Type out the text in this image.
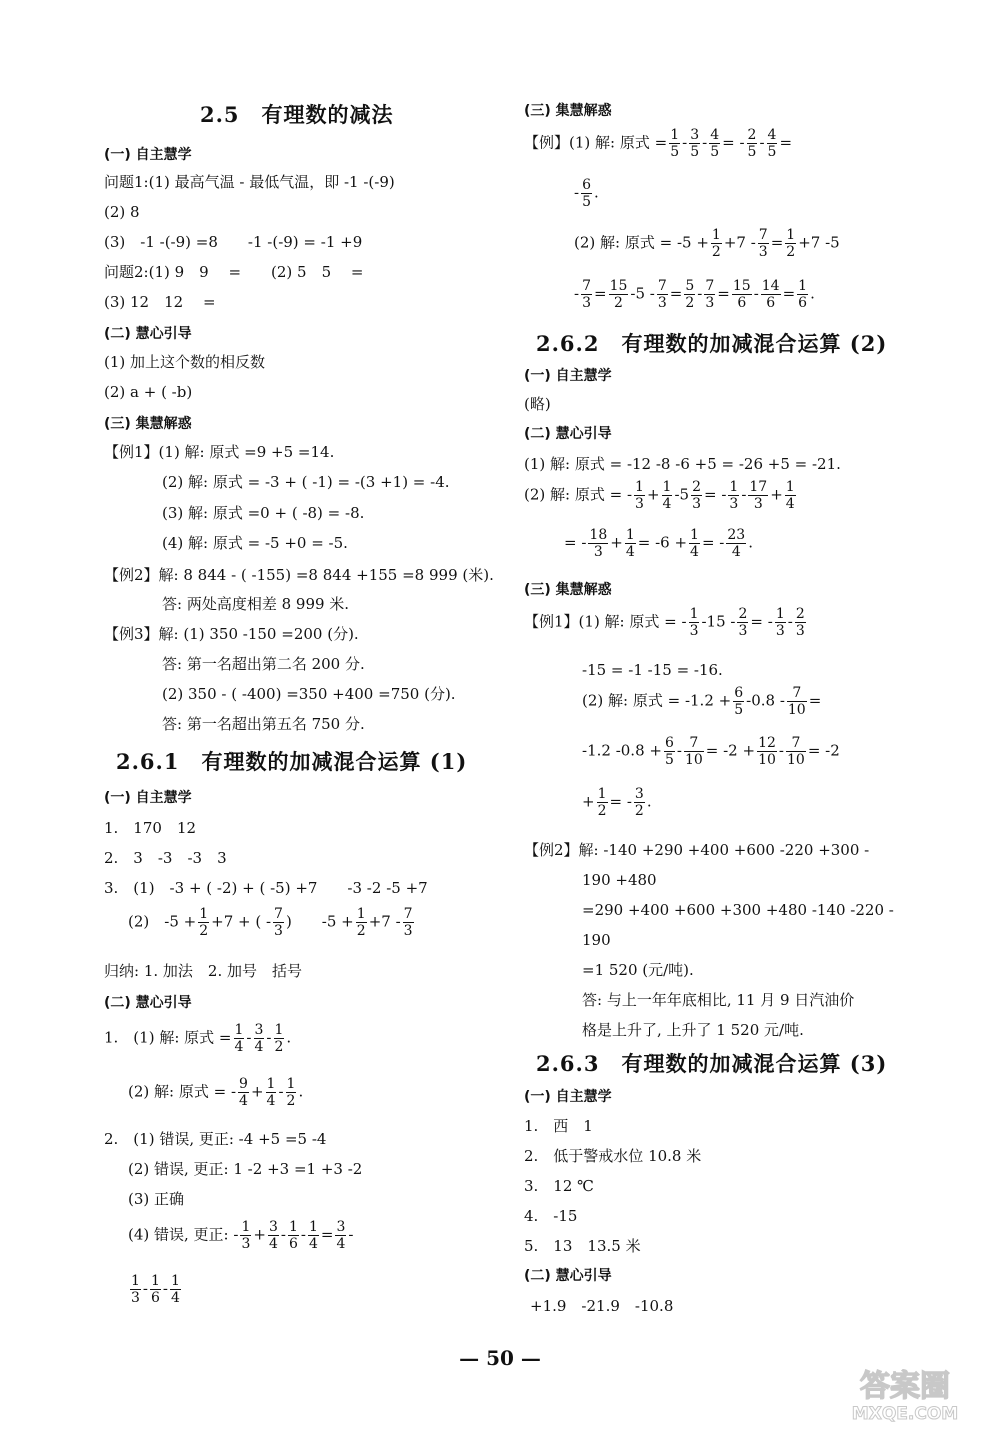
2.5　有理数的减法
(一) 自主慧学
问题1:(1) 最高气温 - 最低气温，即 -1 -(-9)
(2) 8
(3)　-1 -(-9) =8　　-1 -(-9) = -1 +9
问题2:(1) 9　9　 =　　(2) 5　5　 =
(3) 12　12　 =
(二) 慧心引导
(1) 加上这个数的相反数
(2) a + ( -b)
(三) 集慧解惑
【例1】(1) 解: 原式 =9 +5 =14.
(2) 解: 原式 = -3 + ( -1) = -(3 +1) = -4.
(3) 解: 原式 =0 + ( -8) = -8.
(4) 解: 原式 = -5 +0 = -5.
【例2】解: 8 844 - ( -155) =8 844 +155 =8 999 (米).
答: 两处高度相差 8 999 米.
【例3】解: (1) 350 -150 =200 (分).
答: 第一名超出第二名 200 分.
(2) 350 - ( -400) =350 +400 =750 (分).
答: 第一名超出第五名 750 分.
2.6.1　有理数的加减混合运算 (1)
(一) 自主慧学
1.　170　12
2.　3　-3　-3　3
3.　(1)　-3 + ( -2) + ( -5) +7　　-3 -2 -5 +7
(2)　$-5 + \frac{1}{2} +7$ + ( - $\frac{7}{3}$ )　　$-5 + \frac{1}{2} +7 - \frac{7}{3}$
归纳: 1. 加法　2. 加号　括号
(二) 慧心引导
1.　(1) 解: 原式 = $\frac{1}{4} - \frac{3}{4} - \frac{1}{2}$ .
(2) 解: 原式 = - $\frac{9}{4} + \frac{1}{4} - \frac{1}{2}$ .
2.　(1) 错误, 更正: -4 +5 =5 -4
(2) 错误, 更正: 1 -2 +3 =1 +3 -2
(3) 正确
(4) 错误, 更正: - $\frac{1}{3} + \frac{3}{4} - \frac{1}{6} - \frac{1}{4} = \frac{3}{4}$ -
$\frac{1}{3} - \frac{1}{6} - \frac{1}{4}$
(三) 集慧解惑
【例】(1) 解: 原式 = $\frac{1}{5} - \frac{3}{5} - \frac{4}{5}$ = - $\frac{2}{5} - \frac{4}{5}$ =
- $\frac{6}{5}$ .
(2) 解: 原式 = $-5 + \frac{1}{2} +7 - \frac{7}{3} = \frac{1}{2} +7$ -5
- $\frac{7}{3} = \frac{15}{2} -5 - \frac{7}{3} = \frac{5}{2} - \frac{7}{3} = \frac{15}{6} - \frac{14}{6} = \frac{1}{6}$ .
2.6.2　有理数的加减混合运算 (2)
(一) 自主慧学
(略)
(二) 慧心引导
(1) 解: 原式 = -12 -8 -6 +5 = -26 +5 = -21.
(2) 解: 原式 = - $\frac{1}{3} + \frac{1}{4} -5 \frac{2}{3}$ = - $\frac{1}{3} - \frac{17}{3} + \frac{1}{4}$
= - $\frac{18}{3} + \frac{1}{4} = -6 + \frac{1}{4}$ = - $\frac{23}{4}$ .
(三) 集慧解惑
【例1】(1) 解: 原式 = - $\frac{1}{3} -15 - \frac{2}{3}$ = - $\frac{1}{3} - \frac{2}{3}$
-15 = -1 -15 = -16.
(2) 解: 原式 = $-1.2 + \frac{6}{5} -0.8 - \frac{7}{10}$ =
-1.2 $-0.8 + \frac{6}{5} - \frac{7}{10} = -2 + \frac{12}{10} - \frac{7}{10} = -2$
+ $\frac{1}{2}$ = - $\frac{3}{2}$ .
【例2】解: -140 +290 +400 +600 -220 +300 -
190 +480
=290 +400 +600 +300 +480 -140 -220 -
190
=1 520 (元/吨).
答: 与上一年年底相比, 11 月 9 日汽油价
格是上升了, 上升了 1 520 元/吨.
2.6.3　有理数的加减混合运算 (3)
(一) 自主慧学
1.　西　1
2.　低于警戒水位 10.8 米
3.　12 ℃
4.　-15
5.　13　13.5 米
(二) 慧心引导
+1.9　-21.9　-10.8
— 50 —
答案圈
MXQE.COM
